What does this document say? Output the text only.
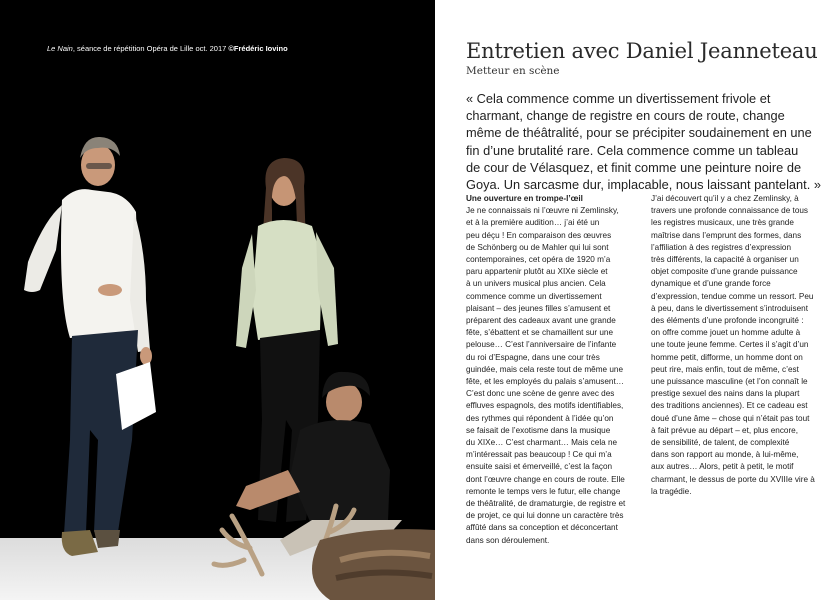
Le Nain, séance de répétition Opéra de Lille oct. 2017 ©Frédéric Iovino	Entretien avec Daniel Jeanneteau
Metteur en scène
« Cela commence comme un divertissement frivole et
charmant, change de registre en cours de route, change
même de théâtralité, pour se précipiter soudainement en une
fin d’une brutalité rare. Cela commence comme un tableau
de cour de Vélasquez, et finit comme une peinture noire de
Goya. Un sarcasme dur, implacable, nous laissant pantelant. »
Une ouverture en trompe-l’œil
Je ne connaissais ni l’œuvre ni Zemlinsky,
et à la première audition… j’ai été un
peu déçu ! En comparaison des œuvres
de Schönberg ou de Mahler qui lui sont
contemporaines, cet opéra de 1920 m’a
paru appartenir plutôt au XIXe siècle et
à un univers musical plus ancien. Cela
commence comme un divertissement
plaisant – des jeunes filles s’amusent et
préparent des cadeaux avant une grande
fête, s’ébattent et se chamaillent sur une
pelouse… C’est l’anniversaire de l’infante
du roi d’Espagne, dans une cour très
guindée, mais cela reste tout de même une
fête, et les employés du palais s’amusent…
C’est donc une scène de genre avec des
effluves espagnols, des motifs identifiables,
des rythmes qui répondent à l’idée qu’on
se faisait de l’exotisme dans la musique
du XIXe… C’est charmant… Mais cela ne
m’intéressait pas beaucoup ! Ce qui m’a
ensuite saisi et émerveillé, c’est la façon
dont l’œuvre change en cours de route. Elle
remonte le temps vers le futur, elle change
de théâtralité, de dramaturgie, de registre et
de projet, ce qui lui donne un caractère très
affûté dans sa conception et déconcertant
dans son déroulement.
J’ai découvert qu’il y a chez Zemlinsky, à
travers une profonde connaissance de tous
les registres musicaux, une très grande
maîtrise dans l’emprunt des formes, dans
l’affiliation à des registres d’expression
très différents, la capacité à organiser un
objet composite d’une grande puissance
dynamique et d’une grande force
d’expression, tendue comme un ressort. Peu
à peu, dans le divertissement s’introduisent
des éléments d’une profonde incongruité :
on offre comme jouet un homme adulte à
une toute jeune femme. Certes il s’agit d’un
homme petit, difforme, un homme dont on
peut rire, mais enfin, tout de même, c’est
une puissance masculine (et l’on connaît le
prestige sexuel des nains dans la plupart
des traditions anciennes). Et ce cadeau est
doué d’une âme – chose qui n’était pas tout
à fait prévue au départ – et, plus encore,
de sensibilité, de talent, de complexité
dans son rapport au monde, à lui-même,
aux autres… Alors, petit à petit, le motif
charmant, le dessus de porte du XVIIIe vire à
la tragédie.
